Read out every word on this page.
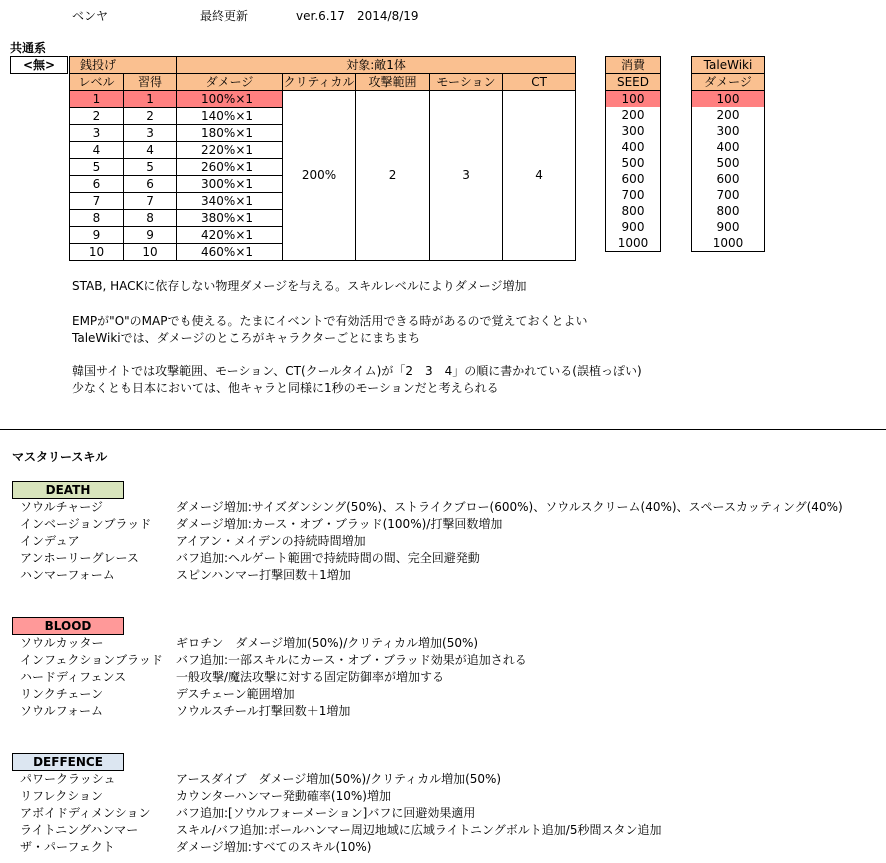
ベンヤ	最終更新	ver.6.17 2014/8/19
共通系
<無> 銭投げ		対象:敵1体				
レベル	習得	ダメージ	クリティカル	攻撃範囲	モーション	CT
1	1	100%×1	200%	2	3	4
2	2	140%×1				
3	3	180%×1				
4	4	220%×1				
5	5	260%×1				
6	6	300%×1				
7	7	340%×1				
8	8	380%×1				
9	9	420%×1				
10	10	460%×1				
消費
SEED
100
200
300
400
500
600
700
800
900
1000
TaleWiki
ダメージ
100
200
300
400
500
600
700
800
900
1000
STAB, HACKに依存しない物理ダメージを与える。スキルレベルによりダメージ増加
EMPが"O"のMAPでも使える。たまにイベントで有効活用できる時があるので覚えておくとよい
TaleWikiでは、ダメージのところがキャラクターごとにまちまち
韓国サイトでは攻撃範囲、モーション、CT(クールタイム)が「2　3　4」の順に書かれている(誤植っぽい)
少なくとも日本においては、他キャラと同様に1秒のモーションだと考えられる
マスタリースキル
DEATH
ソウルチャージ	ダメージ増加:サイズダンシング(50%)、ストライクブロー(600%)、ソウルスクリーム(40%)、スペースカッティング(40%)
インベージョンブラッド ダメージ増加:カース・オブ・ブラッド(100%)/打撃回数増加
インデュア	アイアン・メイデンの持続時間増加
アンホーリーグレース	バフ追加:ヘルゲート範囲で持続時間の間、完全回避発動
ハンマーフォーム	スピンハンマー打撃回数＋1増加
BLOOD
ソウルカッター	ギロチン　ダメージ増加(50%)/クリティカル増加(50%)
インフェクションブラッド バフ追加:一部スキルにカース・オブ・ブラッド効果が追加される
ハードディフェンス	一般攻撃/魔法攻撃に対する固定防御率が増加する
リンクチェーン	デスチェーン範囲増加
ソウルフォーム	ソウルスチール打撃回数＋1増加
DEFFENCE
パワークラッシュ	アースダイブ　ダメージ増加(50%)/クリティカル増加(50%)
リフレクション	カウンターハンマー発動確率(10%)増加
アボイドディメンション バフ追加:[ソウルフォーメーション]バフに回避効果適用
ライトニングハンマー	スキル/バフ追加:ボールハンマー周辺地域に広域ライトニングボルト追加/5秒間スタン追加
ザ・パーフェクト	ダメージ増加:すべてのスキル(10%)
